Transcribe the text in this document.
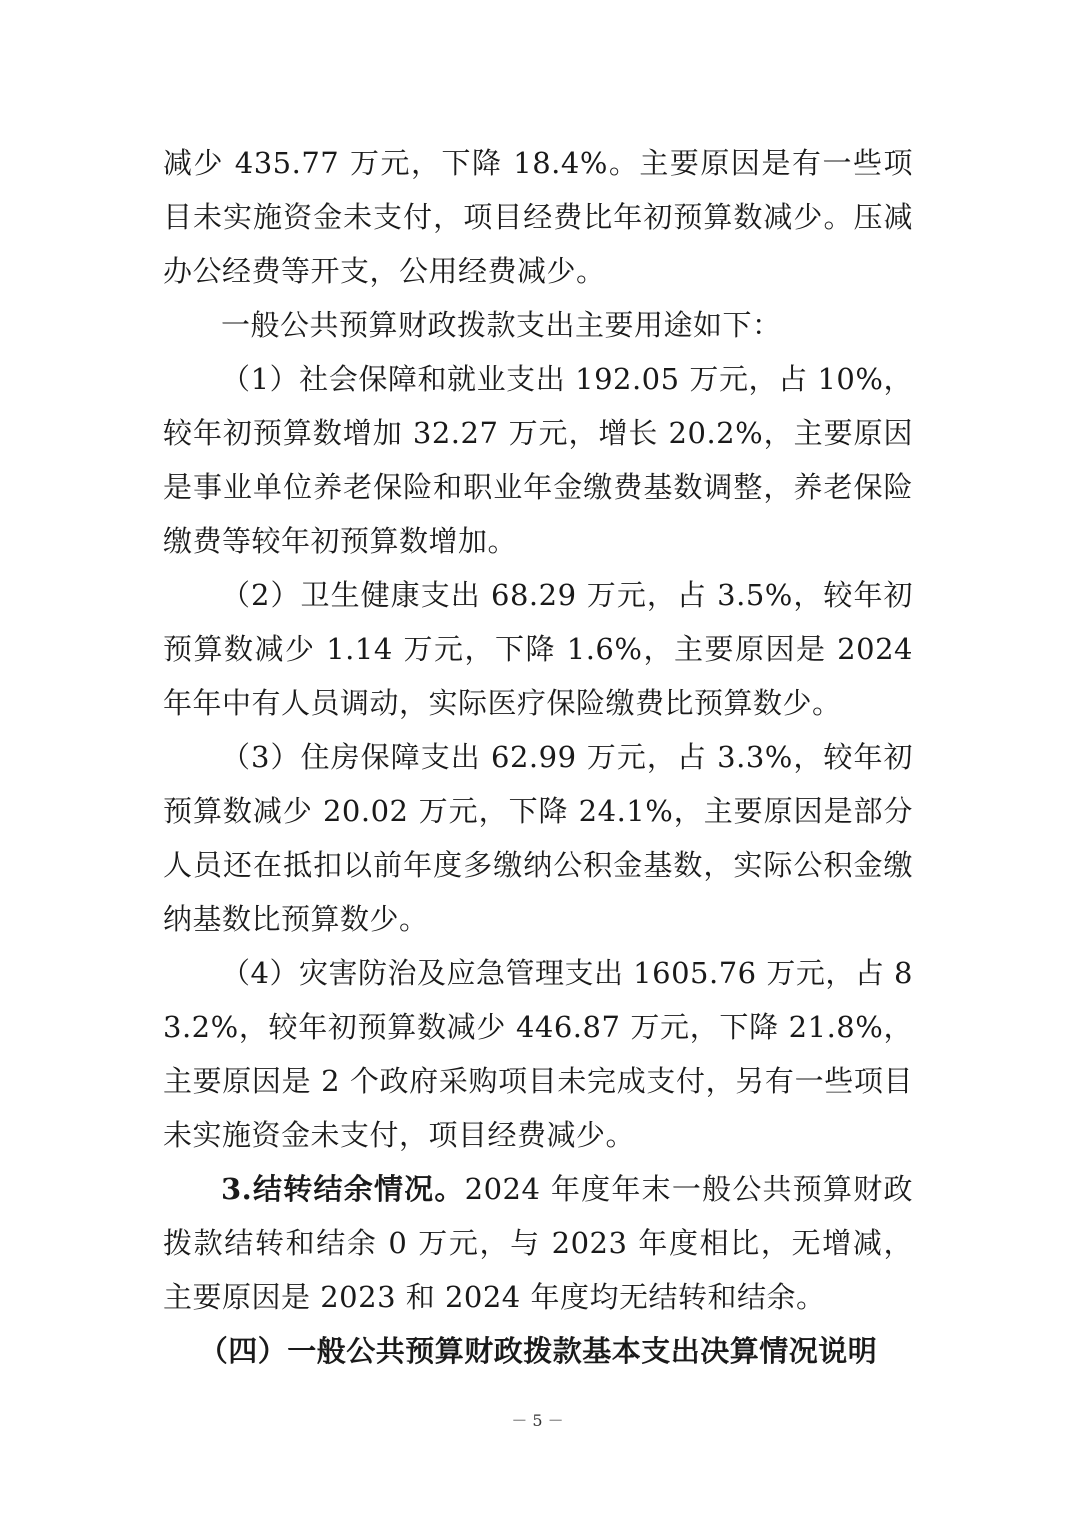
减少 435.77 万元，下降 18.4%。主要原因是有一些项目未实施资金未支付，项目经费比年初预算数减少。压减办公经费等开支，公用经费减少。

一般公共预算财政拨款支出主要用途如下：

（1）社会保障和就业支出 192.05 万元，占 10%，较年初预算数增加 32.27 万元，增长 20.2%，主要原因是事业单位养老保险和职业年金缴费基数调整，养老保险缴费等较年初预算数增加。

（2）卫生健康支出 68.29 万元，占 3.5%，较年初预算数减少 1.14 万元，下降 1.6%，主要原因是 2024 年年中有人员调动，实际医疗保险缴费比预算数少。

（3）住房保障支出 62.99 万元，占 3.3%，较年初预算数减少 20.02 万元，下降 24.1%，主要原因是部分人员还在抵扣以前年度多缴纳公积金基数，实际公积金缴纳基数比预算数少。

（4）灾害防治及应急管理支出 1605.76 万元，占 83.2%，较年初预算数减少 446.87 万元，下降 21.8%，主要原因是 2 个政府采购项目未完成支付，另有一些项目未实施资金未支付，项目经费减少。

3.结转结余情况。2024 年度年末一般公共预算财政拨款结转和结余 0 万元，与 2023 年度相比，无增减，主要原因是 2023 和 2024 年度均无结转和结余。

（四）一般公共预算财政拨款基本支出决算情况说明

－ 5 －
